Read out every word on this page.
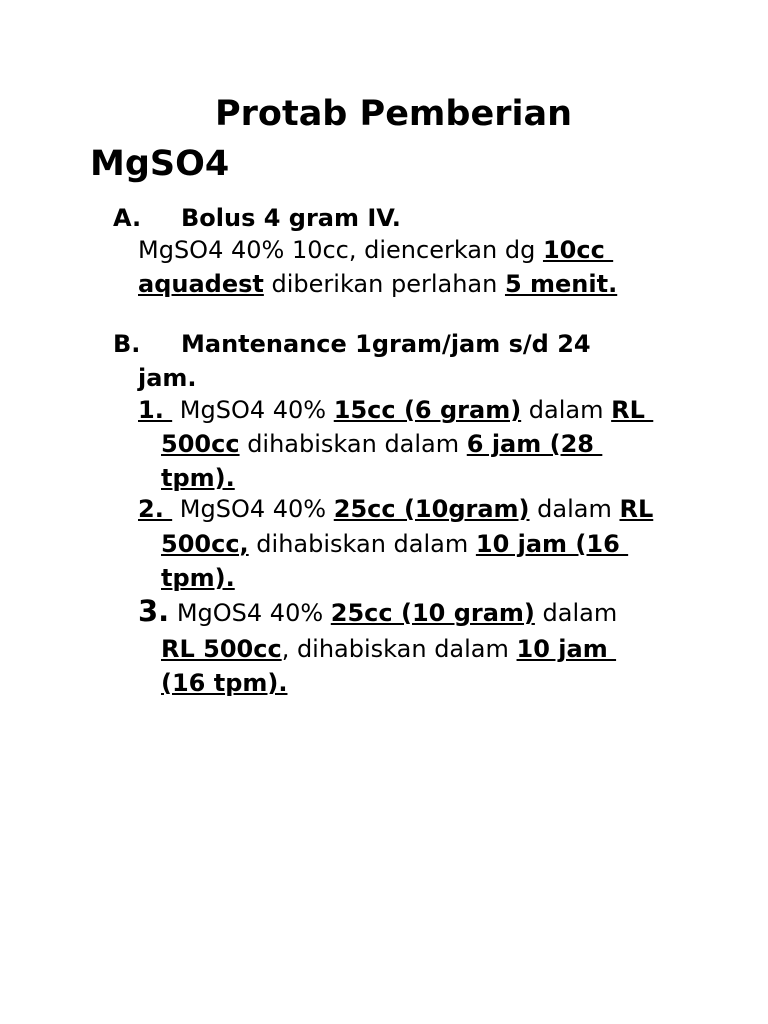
Protab Pemberian
MgSO4
A. Bolus 4 gram IV.
MgSO4 40% 10cc, diencerkan dg 10cc
aquadest diberikan perlahan 5 menit.
B. Mantenance 1gram/jam s/d 24
jam.
1.  MgSO4 40% 15cc (6 gram) dalam RL
500cc dihabiskan dalam 6 jam (28
tpm).
2.  MgSO4 40% 25cc (10gram) dalam RL
500cc, dihabiskan dalam 10 jam (16
tpm).
3. MgOS4 40% 25cc (10 gram) dalam
RL 500cc, dihabiskan dalam 10 jam
(16 tpm).
